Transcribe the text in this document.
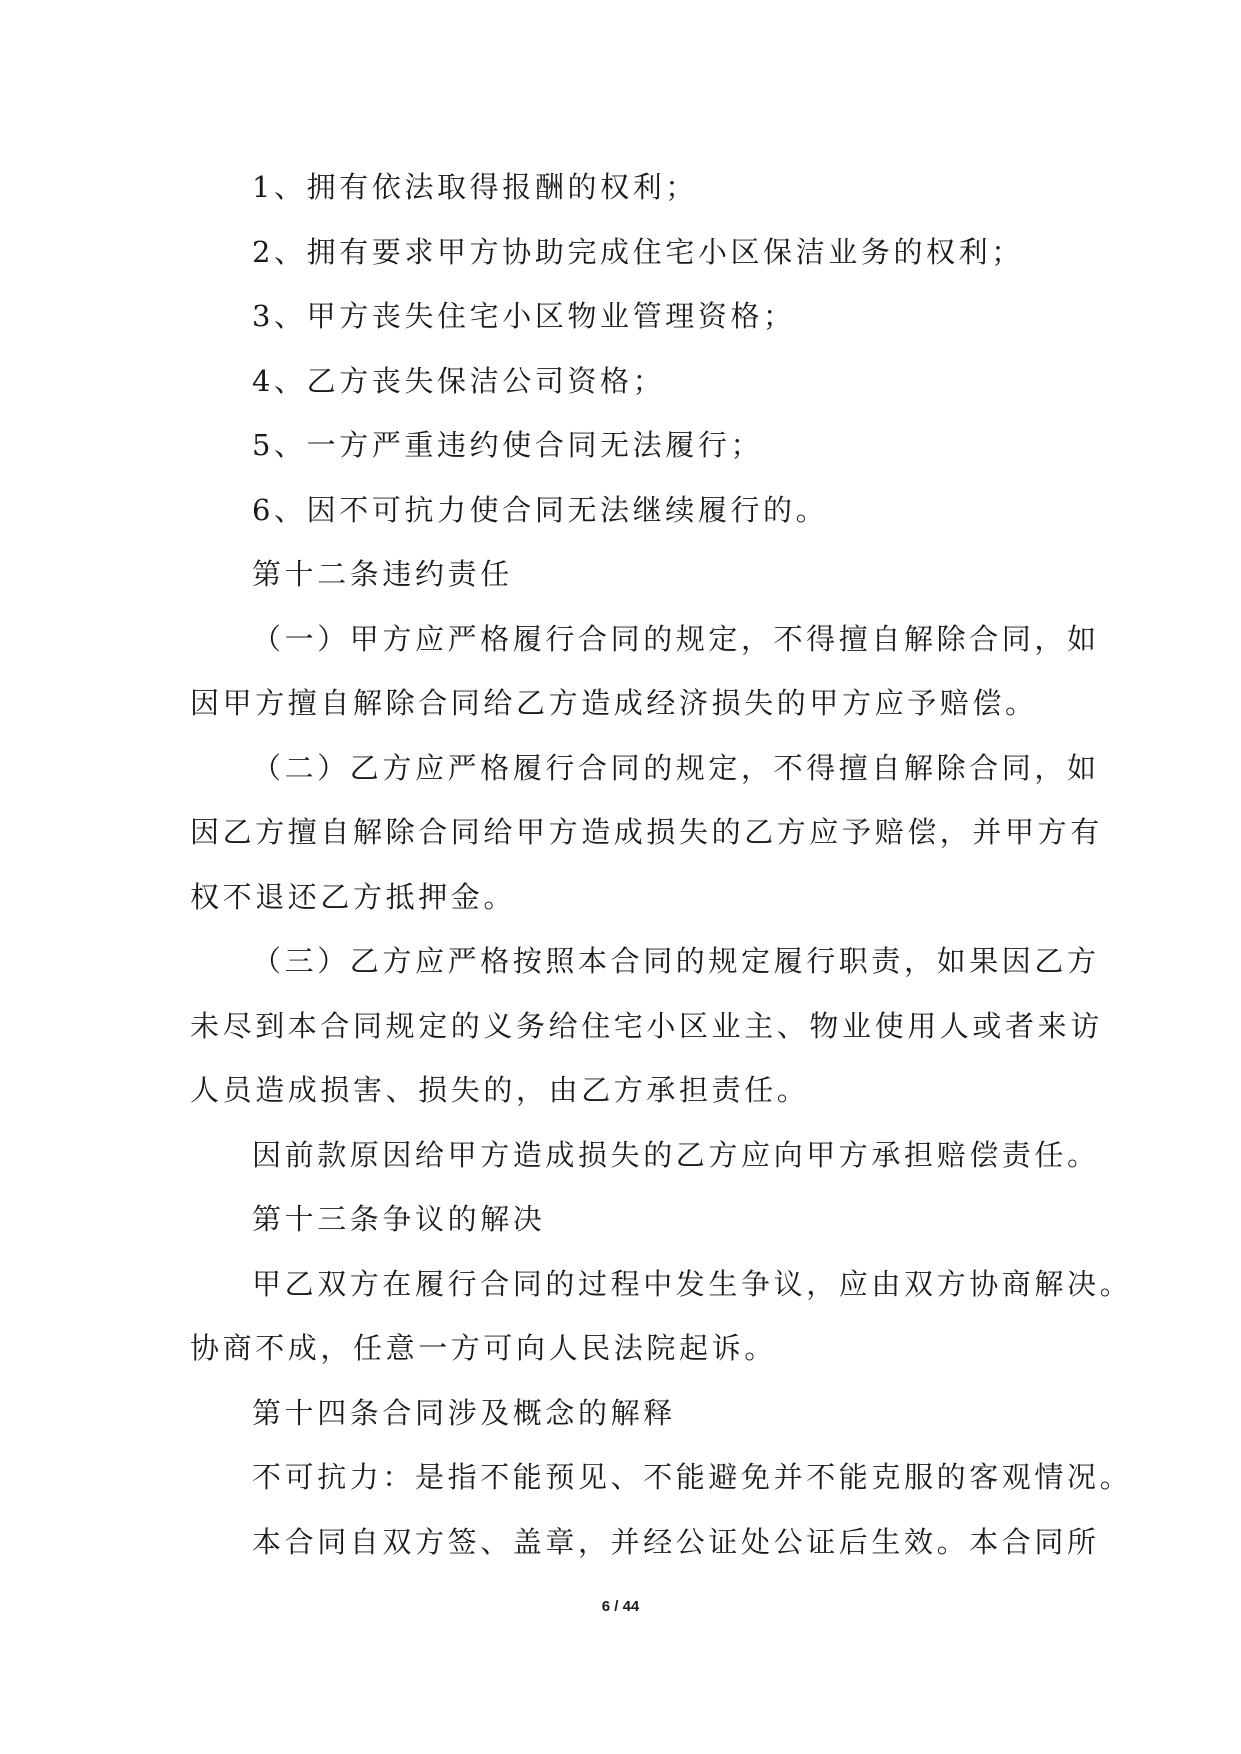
1、拥有依法取得报酬的权利；

2、拥有要求甲方协助完成住宅小区保洁业务的权利；

3、甲方丧失住宅小区物业管理资格；

4、乙方丧失保洁公司资格；

5、一方严重违约使合同无法履行；

6、因不可抗力使合同无法继续履行的。

第十二条违约责任

（一）甲方应严格履行合同的规定，不得擅自解除合同，如

因甲方擅自解除合同给乙方造成经济损失的甲方应予赔偿。

（二）乙方应严格履行合同的规定，不得擅自解除合同，如

因乙方擅自解除合同给甲方造成损失的乙方应予赔偿，并甲方有

权不退还乙方抵押金。

（三）乙方应严格按照本合同的规定履行职责，如果因乙方

未尽到本合同规定的义务给住宅小区业主、物业使用人或者来访

人员造成损害、损失的，由乙方承担责任。

因前款原因给甲方造成损失的乙方应向甲方承担赔偿责任。

第十三条争议的解决

甲乙双方在履行合同的过程中发生争议，应由双方协商解决。

协商不成，任意一方可向人民法院起诉。

第十四条合同涉及概念的解释

不可抗力：是指不能预见、不能避免并不能克服的客观情况。

本合同自双方签、盖章，并经公证处公证后生效。本合同所

6 / 44
